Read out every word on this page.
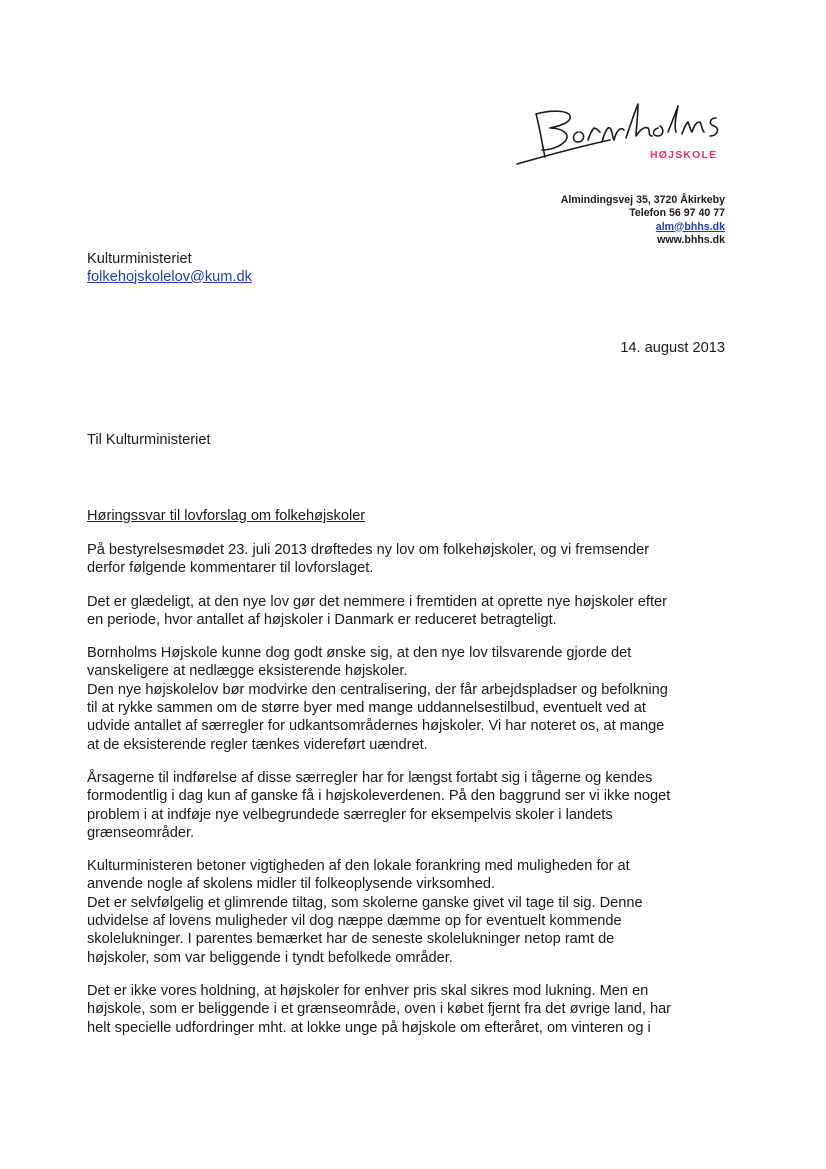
HØJSKOLE
Almindingsvej 35, 3720 Åkirkeby
Telefon 56 97 40 77
alm@bhhs.dk
www.bhhs.dk
Kulturministeriet
folkehojskolelov@kum.dk
14. august 2013
Til Kulturministeriet
Høringssvar til lovforslag om folkehøjskoler

På bestyrelsesmødet 23. juli 2013 drøftedes ny lov om folkehøjskoler, og vi fremsender
derfor følgende kommentarer til lovforslaget.

Det er glædeligt, at den nye lov gør det nemmere i fremtiden at oprette nye højskoler efter
en periode, hvor antallet af højskoler i Danmark er reduceret betragteligt.

Bornholms Højskole kunne dog godt ønske sig, at den nye lov tilsvarende gjorde det
vanskeligere at nedlægge eksisterende højskoler.
Den nye højskolelov bør modvirke den centralisering, der får arbejdspladser og befolkning
til at rykke sammen om de større byer med mange uddannelsestilbud, eventuelt ved at
udvide antallet af særregler for udkantsområdernes højskoler. Vi har noteret os, at mange
at de eksisterende regler tænkes videreført uændret.

Årsagerne til indførelse af disse særregler har for længst fortabt sig i tågerne og kendes
formodentlig i dag kun af ganske få i højskoleverdenen. På den baggrund ser vi ikke noget
problem i at indføje nye velbegrundede særregler for eksempelvis skoler i landets
grænseområder.

Kulturministeren betoner vigtigheden af den lokale forankring med muligheden for at
anvende nogle af skolens midler til folkeoplysende virksomhed.
Det er selvfølgelig et glimrende tiltag, som skolerne ganske givet vil tage til sig. Denne
udvidelse af lovens muligheder vil dog næppe dæmme op for eventuelt kommende
skolelukninger. I parentes bemærket har de seneste skolelukninger netop ramt de
højskoler, som var beliggende i tyndt befolkede områder.

Det er ikke vores holdning, at højskoler for enhver pris skal sikres mod lukning. Men en
højskole, som er beliggende i et grænseområde, oven i købet fjernt fra det øvrige land, har
helt specielle udfordringer mht. at lokke unge på højskole om efteråret, om vinteren og i
